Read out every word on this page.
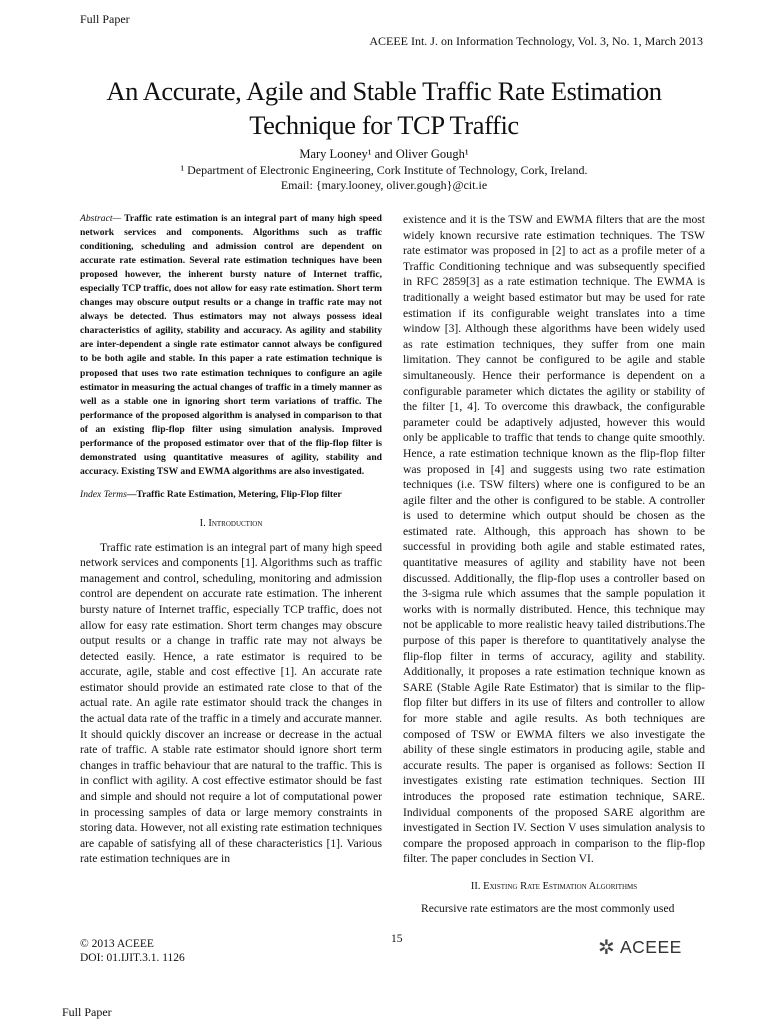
Full Paper
ACEEE Int. J. on Information Technology, Vol. 3, No. 1, March 2013
An Accurate, Agile and Stable Traffic Rate Estimation
Technique for TCP Traffic
Mary Looney¹ and Oliver Gough¹
¹ Department of Electronic Engineering, Cork Institute of Technology, Cork, Ireland.
Email: {mary.looney, oliver.gough}@cit.ie

Abstract— Traffic rate estimation is an integral part of many high speed network services and components. Algorithms such as traffic conditioning, scheduling and admission control are dependent on accurate rate estimation. Several rate estimation techniques have been proposed however, the inherent bursty nature of Internet traffic, especially TCP traffic, does not allow for easy rate estimation. Short term changes may obscure output results or a change in traffic rate may not always be detected. Thus estimators may not always possess ideal characteristics of agility, stability and accuracy. As agility and stability are inter-dependent a single rate estimator cannot always be configured to be both agile and stable. In this paper a rate estimation technique is proposed that uses two rate estimation techniques to configure an agile estimator in measuring the actual changes of traffic in a timely manner as well as a stable one in ignoring short term variations of traffic. The performance of the proposed algorithm is analysed in comparison to that of an existing flip-flop filter using simulation analysis. Improved performance of the proposed estimator over that of the flip-flop filter is demonstrated using quantitative measures of agility, stability and accuracy. Existing TSW and EWMA algorithms are also investigated.

Index Terms—Traffic Rate Estimation, Metering, Flip-Flop filter

I. Introduction

Traffic rate estimation is an integral part of many high speed network services and components [1]. Algorithms such as traffic management and control, scheduling, monitoring and admission control are dependent on accurate rate estimation. The inherent bursty nature of Internet traffic, especially TCP traffic, does not allow for easy rate estimation. Short term changes may obscure output results or a change in traffic rate may not always be detected easily. Hence, a rate estimator is required to be accurate, agile, stable and cost effective [1]. An accurate rate estimator should provide an estimated rate close to that of the actual rate. An agile rate estimator should track the changes in the actual data rate of the traffic in a timely and accurate manner. It should quickly discover an increase or decrease in the actual rate of traffic. A stable rate estimator should ignore short term changes in traffic behaviour that are natural to the traffic. This is in conflict with agility. A cost effective estimator should be fast and simple and should not require a lot of computational power in processing samples of data or large memory constraints in storing data. However, not all existing rate estimation techniques are capable of satisfying all of these characteristics [1]. Various rate estimation techniques are in

existence and it is the TSW and EWMA filters that are the most widely known recursive rate estimation techniques. The TSW rate estimator was proposed in [2] to act as a profile meter of a Traffic Conditioning technique and was subsequently specified in RFC 2859[3] as a rate estimation technique. The EWMA is traditionally a weight based estimator but may be used for rate estimation if its configurable weight translates into a time window [3]. Although these algorithms have been widely used as rate estimation techniques, they suffer from one main limitation. They cannot be configured to be agile and stable simultaneously. Hence their performance is dependent on a configurable parameter which dictates the agility or stability of the filter [1, 4]. To overcome this drawback, the configurable parameter could be adaptively adjusted, however this would only be applicable to traffic that tends to change quite smoothly. Hence, a rate estimation technique known as the flip-flop filter was proposed in [4] and suggests using two rate estimation techniques (i.e. TSW filters) where one is configured to be an agile filter and the other is configured to be stable. A controller is used to determine which output should be chosen as the estimated rate. Although, this approach has shown to be successful in providing both agile and stable estimated rates, quantitative measures of agility and stability have not been discussed. Additionally, the flip-flop uses a controller based on the 3-sigma rule which assumes that the sample population it works with is normally distributed. Hence, this technique may not be applicable to more realistic heavy tailed distributions.The purpose of this paper is therefore to quantitatively analyse the flip-flop filter in terms of accuracy, agility and stability. Additionally, it proposes a rate estimation technique known as SARE (Stable Agile Rate Estimator) that is similar to the flip-flop filter but differs in its use of filters and controller to allow for more stable and agile results. As both techniques are composed of TSW or EWMA filters we also investigate the ability of these single estimators in producing agile, stable and accurate results. The paper is organised as follows: Section II investigates existing rate estimation techniques. Section III introduces the proposed rate estimation technique, SARE. Individual components of the proposed SARE algorithm are investigated in Section IV. Section V uses simulation analysis to compare the proposed approach in comparison to the flip-flop filter. The paper concludes in Section VI.

II. Existing Rate Estimation Algorithms

Recursive rate estimators are the most commonly used

© 2013 ACEEE
DOI: 01.IJIT.3.1. 1126
15	✲ ACEEE
Full Paper
